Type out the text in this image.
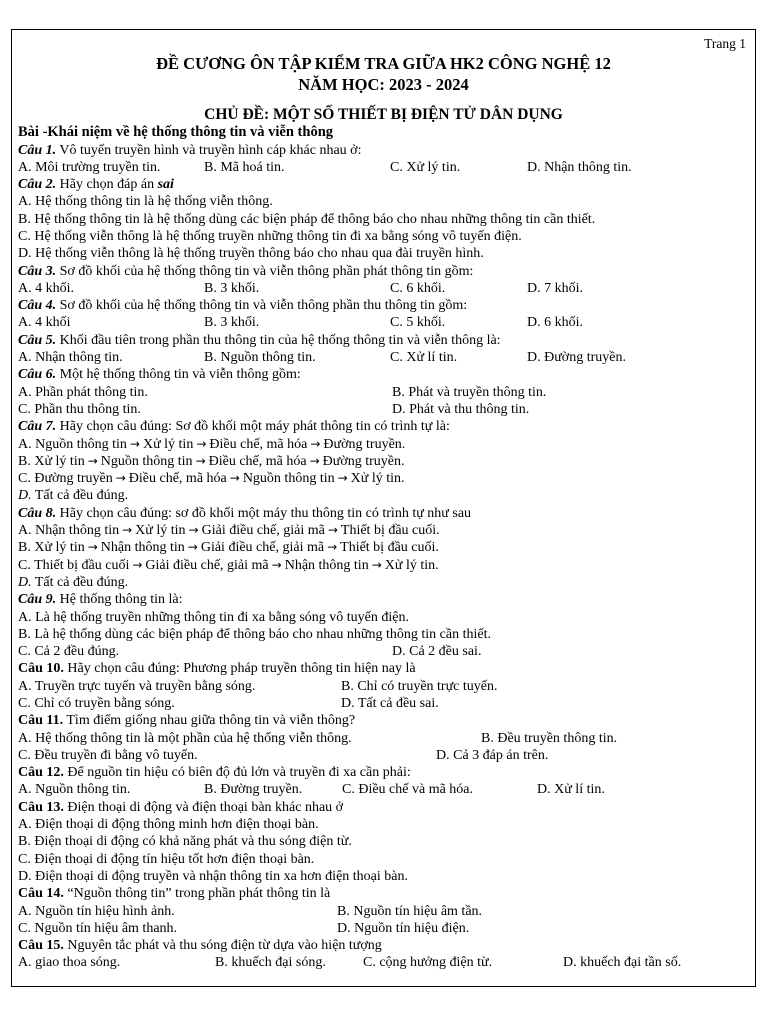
Trang 1
ĐỀ CƯƠNG ÔN TẬP KIỂM TRA GIỮA HK2 CÔNG NGHỆ 12
NĂM HỌC: 2023 - 2024
CHỦ ĐỀ: MỘT SỐ THIẾT BỊ ĐIỆN TỬ DÂN DỤNG
Bài -Khái niệm về hệ thống thông tin và viễn thông
Câu 1. Vô tuyến truyền hình và truyền hình cáp khác nhau ở:
A. Môi trường truyền tin.	B. Mã hoá tin.	C. Xử lý tin.	D. Nhận thông tin.
Câu 2. Hãy chọn đáp án sai
A. Hệ thống thông tin là hệ thống viễn thông.
B. Hệ thống thông tin là hệ thống dùng các biện pháp để thông báo cho nhau những thông tin cần thiết.
C. Hệ thống viễn thông là hệ thống truyền những thông tin đi xa bằng sóng vô tuyến điện.
D. Hệ thống viễn thông là hệ thống truyền thông báo cho nhau qua đài truyền hình.
Câu 3. Sơ đồ khối của hệ thống thông tin và viễn thông phần phát thông tin gồm:
A. 4 khối.	B. 3 khối.	C. 6 khối.	D. 7 khối.
Câu 4. Sơ đồ khối của hệ thống thông tin và viễn thông phần thu thông tin gồm:
A. 4 khối	B. 3 khối.	C. 5 khối.	D. 6 khối.
Câu 5. Khối đầu tiên trong phần thu thông tin của hệ thống thông tin và viễn thông là:
A. Nhận thông tin.	B. Nguồn thông tin.	C. Xử lí tin.	D. Đường truyền.
Câu 6. Một hệ thống thông tin và viễn thông gồm:
A. Phần phát thông tin.	B. Phát và truyền thông tin.
C. Phần thu thông tin.	D. Phát và thu thông tin.
Câu 7. Hãy chọn câu đúng: Sơ đồ khối một máy phát thông tin có trình tự là:
A. Nguồn thông tin → Xử lý tin → Điều chế, mã hóa → Đường truyền.
B. Xử lý tin → Nguồn thông tin → Điều chế, mã hóa → Đường truyền.
C. Đường truyền → Điều chế, mã hóa → Nguồn thông tin → Xử lý tin.
D. Tất cả đều đúng.
Câu 8. Hãy chọn câu đúng: sơ đồ khối một máy thu thông tin có trình tự như sau
A. Nhận thông tin → Xử lý tin → Giải điều chế, giải mã → Thiết bị đầu cuối.
B. Xử lý tin → Nhận thông tin → Giải điều chế, giải mã → Thiết bị đầu cuối.
C. Thiết bị đầu cuối → Giải điều chế, giải mã → Nhận thông tin → Xử lý tin.
D. Tất cả đều đúng.
Câu 9. Hệ thống thông tin là:
A. Là hệ thống truyền những thông tin đi xa bằng sóng vô tuyến điện.
B. Là hệ thống dùng các biện pháp để thông báo cho nhau những thông tin cần thiết.
C. Cả 2 đều đúng.	D. Cả 2 đều sai.
Câu 10. Hãy chọn câu đúng: Phương pháp truyền thông tin hiện nay là
A. Truyền trực tuyến và truyền bằng sóng.	B. Chỉ có truyền trực tuyến.
C. Chỉ có truyền bằng sóng.	D. Tất cả đều sai.
Câu 11. Tìm điểm giống nhau giữa thông tin và viễn thông?
A. Hệ thống thông tin là một phần của hệ thống viễn thông.	B. Đều truyền thông tin.
C. Đều truyền đi bằng vô tuyến.	D. Cả 3 đáp án trên.
Câu 12. Để nguồn tin hiệu có biên độ đủ lớn và truyền đi xa cần phải:
A. Nguồn thông tin.	B. Đường truyền.	C. Điều chế và mã hóa.	D. Xử lí tin.
Câu 13. Điện thoại di động và điện thoại bàn khác nhau ở
A. Điện thoại di động thông minh hơn điện thoại bàn.
B. Điện thoại di động có khả năng phát và thu sóng điện từ.
C. Điện thoại di động tín hiệu tốt hơn điện thoại bàn.
D. Điện thoại di động truyền và nhận thông tin xa hơn điện thoại bàn.
Câu 14. “Nguồn thông tin” trong phần phát thông tin là
A. Nguồn tín hiệu hình ảnh.	B. Nguồn tín hiệu âm tần.
C. Nguồn tín hiệu âm thanh.	D. Nguồn tín hiệu điện.
Câu 15. Nguyên tắc phát và thu sóng điện từ dựa vào hiện tượng
A. giao thoa sóng.	B. khuếch đại sóng.	C. cộng hưởng điện từ.	D. khuếch đại tần số.
